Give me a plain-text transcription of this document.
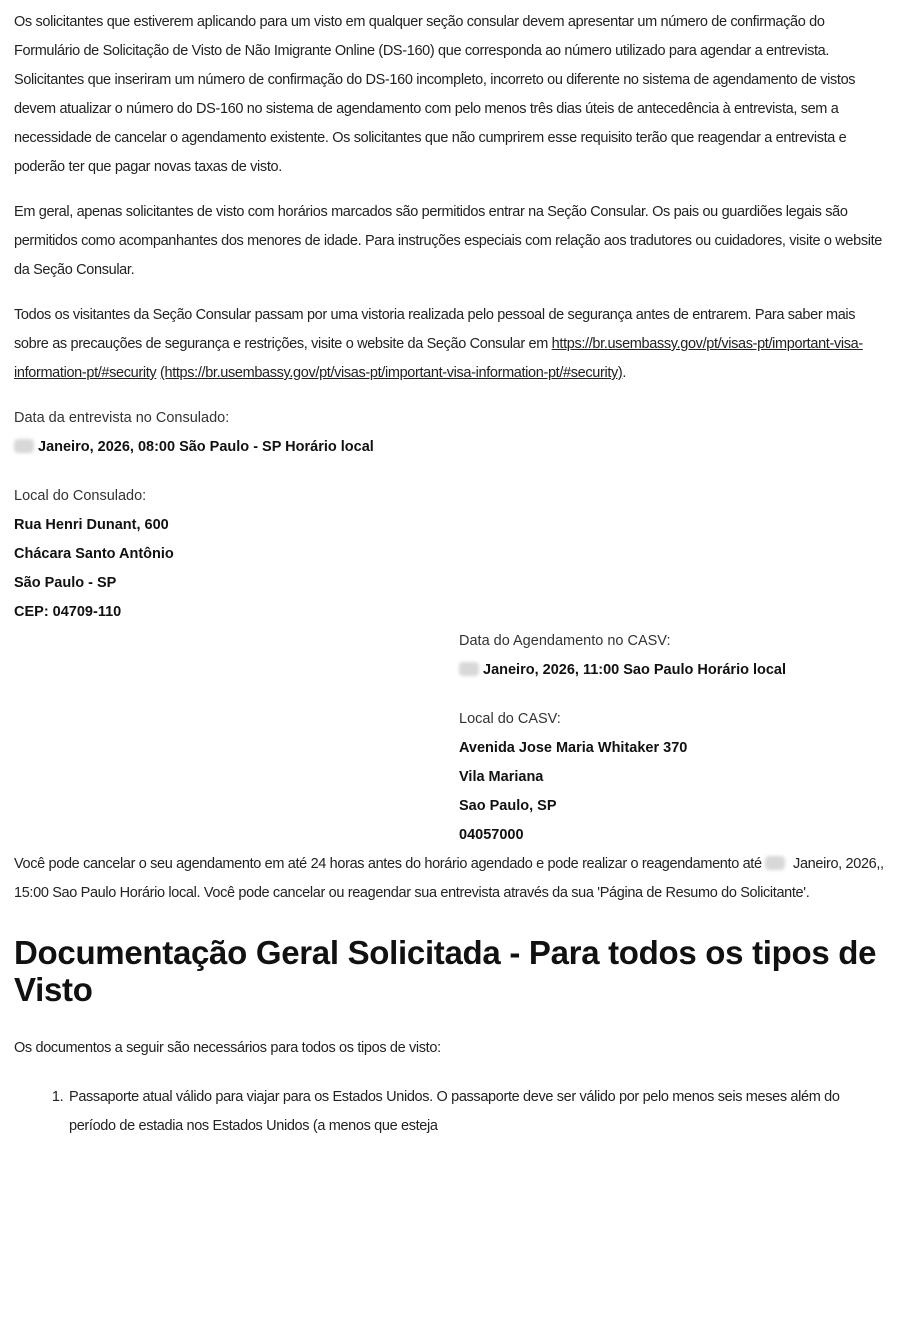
Os solicitantes que estiverem aplicando para um visto em qualquer seção consular devem apresentar um número de confirmação do Formulário de Solicitação de Visto de Não Imigrante Online (DS-160) que corresponda ao número utilizado para agendar a entrevista. Solicitantes que inseriram um número de confirmação do DS-160 incompleto, incorreto ou diferente no sistema de agendamento de vistos devem atualizar o número do DS-160 no sistema de agendamento com pelo menos três dias úteis de antecedência à entrevista, sem a necessidade de cancelar o agendamento existente. Os solicitantes que não cumprirem esse requisito terão que reagendar a entrevista e poderão ter que pagar novas taxas de visto.

Em geral, apenas solicitantes de visto com horários marcados são permitidos entrar na Seção Consular. Os pais ou guardiões legais são permitidos como acompanhantes dos menores de idade. Para instruções especiais com relação aos tradutores ou cuidadores, visite o website da Seção Consular.

Todos os visitantes da Seção Consular passam por uma vistoria realizada pelo pessoal de segurança antes de entrarem. Para saber mais sobre as precauções de segurança e restrições, visite o website da Seção Consular em https://br.usembassy.gov/pt/visas-pt/important-visa-information-pt/#security (https://br.usembassy.gov/pt/visas-pt/important-visa-information-pt/#security).

Data da entrevista no Consulado:
Janeiro, 2026, 08:00 São Paulo - SP Horário local
Local do Consulado:
Rua Henri Dunant, 600
Chácara Santo Antônio
São Paulo - SP
CEP: 04709-110
Data do Agendamento no CASV:
Janeiro, 2026, 11:00 Sao Paulo Horário local
Local do CASV:
Avenida Jose Maria Whitaker 370
Vila Mariana
Sao Paulo, SP
04057000

Você pode cancelar o seu agendamento em até 24 horas antes do horário agendado e pode realizar o reagendamento até  Janeiro, 2026,, 15:00 Sao Paulo Horário local. Você pode cancelar ou reagendar sua entrevista através da sua 'Página de Resumo do Solicitante'.

Documentação Geral Solicitada - Para todos os tipos de Visto

Os documentos a seguir são necessários para todos os tipos de visto:

1. Passaporte atual válido para viajar para os Estados Unidos. O passaporte deve ser válido por pelo menos seis meses além do período de estadia nos Estados Unidos (a menos que esteja
